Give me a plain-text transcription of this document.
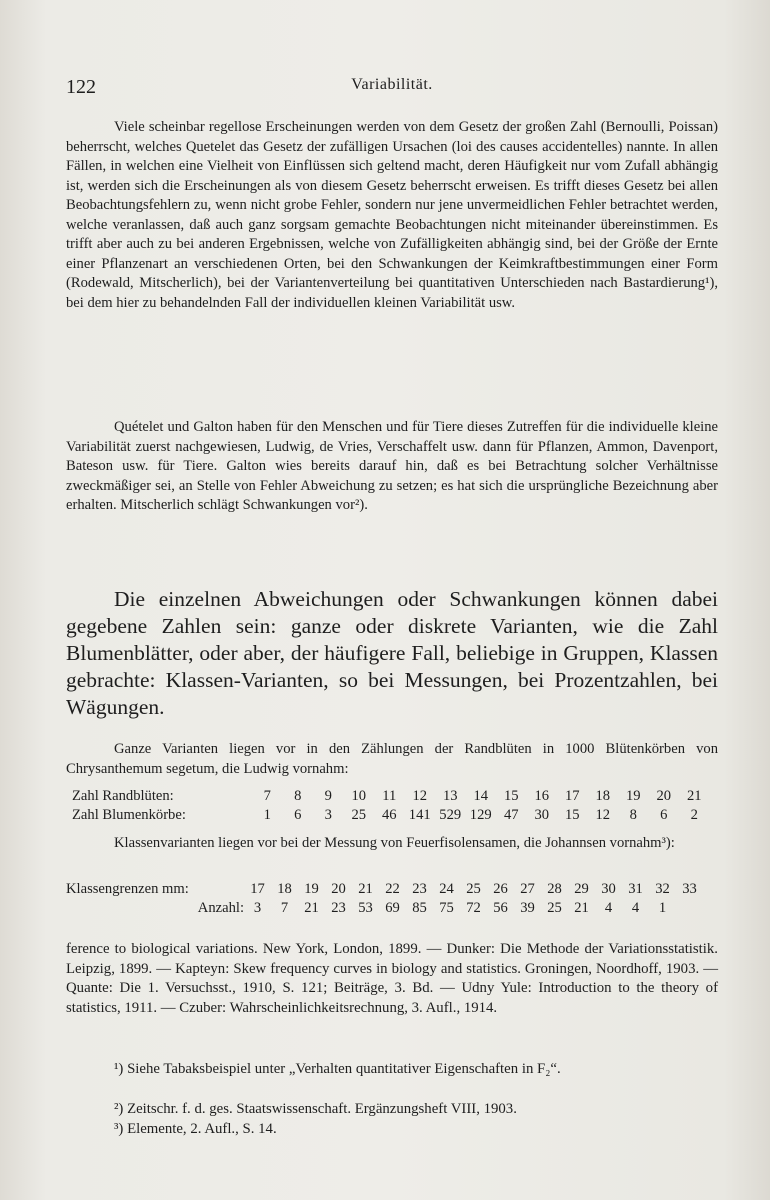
122	Variabilität.

Viele scheinbar regellose Erscheinungen werden von dem Gesetz der großen Zahl (Bernoulli, Poissan) beherrscht, welches Quetelet das Gesetz der zufälligen Ursachen (loi des causes accidentelles) nannte. In allen Fällen, in welchen eine Vielheit von Einflüssen sich geltend macht, deren Häufigkeit nur vom Zufall abhängig ist, werden sich die Erscheinungen als von diesem Gesetz beherrscht erweisen. Es trifft dieses Gesetz bei allen Beobachtungsfehlern zu, wenn nicht grobe Fehler, sondern nur jene unvermeidlichen Fehler betrachtet werden, welche veranlassen, daß auch ganz sorgsam gemachte Beobachtungen nicht miteinander übereinstimmen. Es trifft aber auch zu bei anderen Ergebnissen, welche von Zufälligkeiten abhängig sind, bei der Größe der Ernte einer Pflanzenart an verschiedenen Orten, bei den Schwankungen der Keimkraftbestimmungen einer Form (Rodewald, Mitscherlich), bei der Variantenverteilung bei quantitativen Unterschieden nach Bastardierung¹), bei dem hier zu behandelnden Fall der individuellen kleinen Variabilität usw.

Quételet und Galton haben für den Menschen und für Tiere dieses Zutreffen für die individuelle kleine Variabilität zuerst nachgewiesen, Ludwig, de Vries, Verschaffelt usw. dann für Pflanzen, Ammon, Davenport, Bateson usw. für Tiere. Galton wies bereits darauf hin, daß es bei Betrachtung solcher Verhältnisse zweckmäßiger sei, an Stelle von Fehler Abweichung zu setzen; es hat sich die ursprüngliche Bezeichnung aber erhalten. Mitscherlich schlägt Schwankungen vor²).

Die einzelnen Abweichungen oder Schwankungen können dabei gegebene Zahlen sein: ganze oder diskrete Varianten, wie die Zahl Blumenblätter, oder aber, der häufigere Fall, beliebige in Gruppen, Klassen gebrachte: Klassen-Varianten, so bei Messungen, bei Prozentzahlen, bei Wägungen.

Ganze Varianten liegen vor in den Zählungen der Randblüten in 1000 Blütenkörben von Chrysanthemum segetum, die Ludwig vornahm:

Zahl Randblüten:	7	8	9	10	11	12	13	14	15	16	17	18	19	20	21
Zahl Blumenkörbe:	1	6	3	25	46 141 529 129 47	30	15	12	8	6	2

Klassenvarianten liegen vor bei der Messung von Feuerfisolensamen, die Johannsen vornahm³):

Klassengrenzen mm:	17 18 19 20 21 22 23 24 25 26 27 28 29 30 31 32 33
Anzahl: 3	7	21 23 53 69 85 75 72 56 39 25 21	4	4	1

ference to biological variations. New York, London, 1899. — Dunker: Die Methode der Variationsstatistik. Leipzig, 1899. — Kapteyn: Skew frequency curves in biology and statistics. Groningen, Noordhoff, 1903. — Quante: Die 1. Versuchsst., 1910, S. 121; Beiträge, 3. Bd. — Udny Yule: Introduction to the theory of statistics, 1911. — Czuber: Wahrscheinlichkeitsrechnung, 3. Aufl., 1914.

¹) Siehe Tabaksbeispiel unter „Verhalten quantitativer Eigenschaften in F₂“.

²) Zeitschr. f. d. ges. Staatswissenschaft. Ergänzungsheft VIII, 1903.

³) Elemente, 2. Aufl., S. 14.
